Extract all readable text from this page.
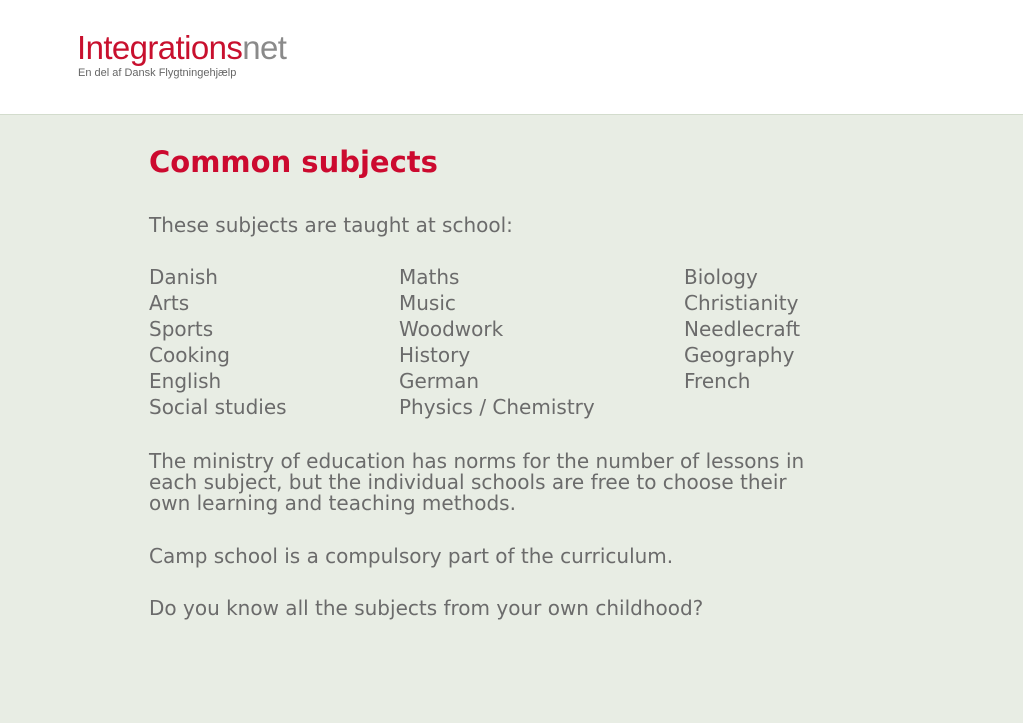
Integrationsnet
En del af Dansk Flygtningehjælp
Common subjects
These subjects are taught at school:
Danish
Arts
Sports
Cooking
English
Social studies
Maths
Music
Woodwork
History
German
Physics / Chemistry
Biology
Christianity
Needlecraft
Geography
French
The ministry of education has norms for the number of lessons in
each subject, but the individual schools are free to choose their
own learning and teaching methods.
Camp school is a compulsory part of the curriculum.
Do you know all the subjects from your own childhood?
